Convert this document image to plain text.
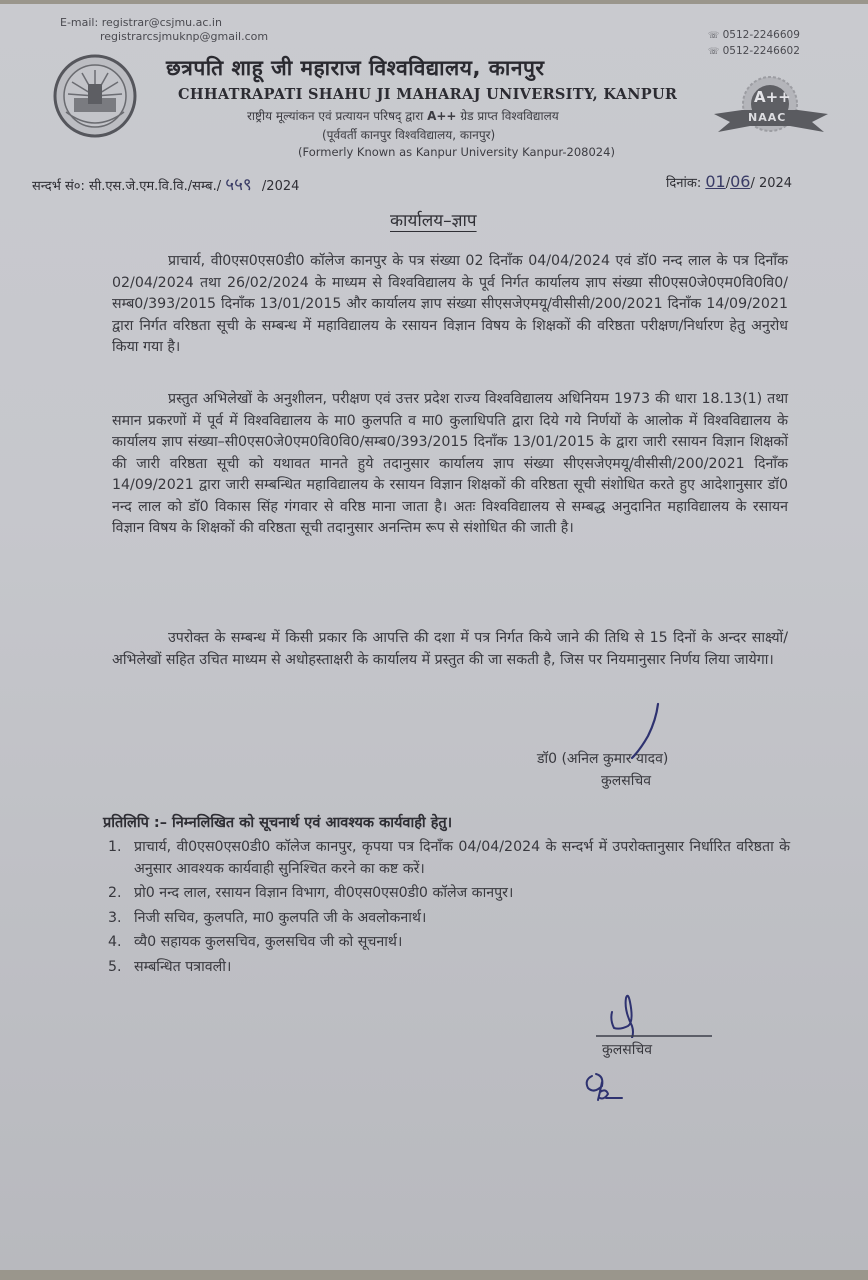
E-mail: registrar@csjmu.ac.in
registrarcsjmuknp@gmail.com	☏︎ 0512-2246609
☏︎ 0512-2246602
छत्रपति शाहू जी महाराज विश्वविद्यालय, कानपुर
CHHATRAPATI SHAHU JI MAHARAJ UNIVERSITY, KANPUR
राष्ट्रीय मूल्यांकन एवं प्रत्यायन परिषद् द्वारा A++ ग्रेड प्राप्त विश्वविद्यालय
(पूर्ववर्ती कानपुर विश्वविद्यालय, कानपुर)
(Formerly Known as Kanpur University Kanpur-208024)
A++
NAAC
सन्दर्भ सं०: सी.एस.जे.एम.वि.वि./सम्ब./ ५५९ /2024	दिनांक: 01/06/ 2024
कार्यालय–ज्ञाप
प्राचार्य, वी0एस0एस0डी0 कॉलेज कानपुर के पत्र संख्या 02 दिनाँक 04/04/2024 एवं डॉ0 नन्द लाल के पत्र दिनाँक 02/04/2024 तथा 26/02/2024 के माध्यम से विश्वविद्यालय के पूर्व निर्गत कार्यालय ज्ञाप संख्या सी0एस0जे0एम0वि0वि0/सम्ब0/393/2015 दिनाँक 13/01/2015 और कार्यालय ज्ञाप संख्या सीएसजेएमयू/वीसीसी/200/2021 दिनाँक 14/09/2021 द्वारा निर्गत वरिष्ठता सूची के सम्बन्ध में महाविद्यालय के रसायन विज्ञान विषय के शिक्षकों की वरिष्ठता परीक्षण/निर्धारण हेतु अनुरोध किया गया है।
प्रस्तुत अभिलेखों के अनुशीलन, परीक्षण एवं उत्तर प्रदेश राज्य विश्वविद्यालय अधिनियम 1973 की धारा 18.13(1) तथा समान प्रकरणों में पूर्व में विश्वविद्यालय के मा0 कुलपति व मा0 कुलाधिपति द्वारा दिये गये निर्णयों के आलोक में विश्वविद्यालय के कार्यालय ज्ञाप संख्या–सी0एस0जे0एम0वि0वि0/सम्ब0/393/2015 दिनाँक 13/01/2015 के द्वारा जारी रसायन विज्ञान शिक्षकों की जारी वरिष्ठता सूची को यथावत मानते हुये तदानुसार कार्यालय ज्ञाप संख्या सीएसजेएमयू/वीसीसी/200/2021 दिनाँक 14/09/2021 द्वारा जारी सम्बन्धित महाविद्यालय के रसायन विज्ञान शिक्षकों की वरिष्ठता सूची संशोधित करते हुए आदेशानुसार डॉ0 नन्द लाल को डॉ0 विकास सिंह गंगवार से वरिष्ठ माना जाता है। अतः विश्वविद्यालय से सम्बद्ध अनुदानित महाविद्यालय के रसायन विज्ञान विषय के शिक्षकों की वरिष्ठता सूची तदानुसार अनन्तिम रूप से संशोधित की जाती है।
उपरोक्त के सम्बन्ध में किसी प्रकार कि आपत्ति की दशा में पत्र निर्गत किये जाने की तिथि से 15 दिनों के अन्दर साक्ष्यों/अभिलेखों सहित उचित माध्यम से अधोहस्ताक्षरी के कार्यालय में प्रस्तुत की जा सकती है, जिस पर नियमानुसार निर्णय लिया जायेगा।
डॉ0 (अनिल कुमार यादव)
कुलसचिव
प्रतिलिपि :– निम्नलिखित को सूचनार्थ एवं आवश्यक कार्यवाही हेतु।
1. प्राचार्य, वी0एस0एस0डी0 कॉलेज कानपुर, कृपया पत्र दिनाँक 04/04/2024 के सन्दर्भ में उपरोक्तानुसार निर्धारित वरिष्ठता के अनुसार आवश्यक कार्यवाही सुनिश्चित करने का कष्ट करें।
2. प्रो0 नन्द लाल, रसायन विज्ञान विभाग, वी0एस0एस0डी0 कॉलेज कानपुर।
3. निजी सचिव, कुलपति, मा0 कुलपति जी के अवलोकनार्थ।
4. व्यै0 सहायक कुलसचिव, कुलसचिव जी को सूचनार्थ।
5. सम्बन्धित पत्रावली।
कुलसचिव
